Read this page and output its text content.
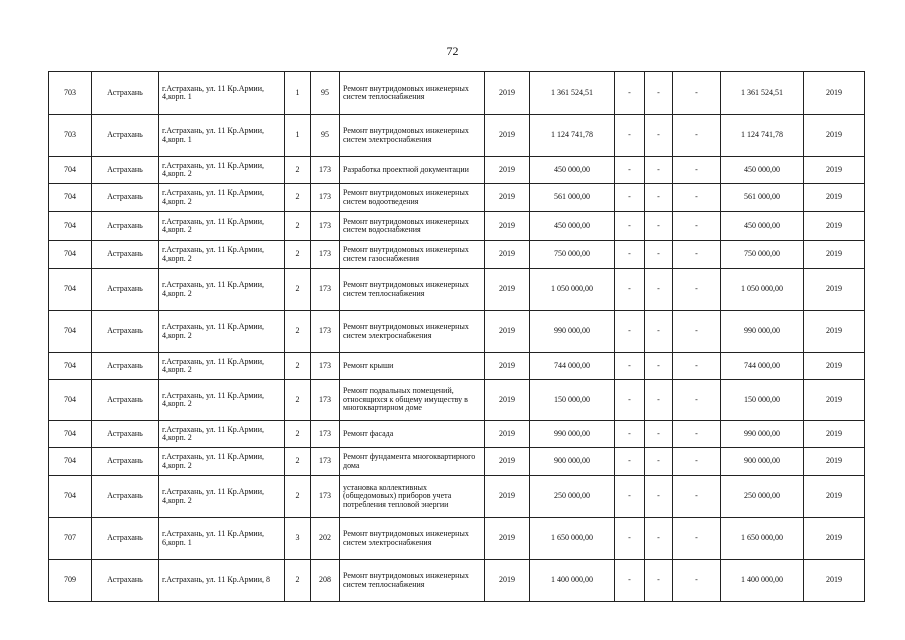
72
703	Астрахань	г.Астрахань, ул. 11 Кр.Армии, 4,корп. 1	1	95	Ремонт внутридомовых инженерных систем теплоснабжения	2019	1 361 524,51	-	-	-	1 361 524,51	2019
703	Астрахань	г.Астрахань, ул. 11 Кр.Армии, 4,корп. 1	1	95	Ремонт внутридомовых инженерных систем электроснабжения	2019	1 124 741,78	-	-	-	1 124 741,78	2019
704	Астрахань	г.Астрахань, ул. 11 Кр.Армии, 4,корп. 2	2	173	Разработка проектной документации	2019	450 000,00	-	-	-	450 000,00	2019
704	Астрахань	г.Астрахань, ул. 11 Кр.Армии, 4,корп. 2	2	173	Ремонт внутридомовых инженерных систем водоотведения	2019	561 000,00	-	-	-	561 000,00	2019
704	Астрахань	г.Астрахань, ул. 11 Кр.Армии, 4,корп. 2	2	173	Ремонт внутридомовых инженерных систем водоснабжения	2019	450 000,00	-	-	-	450 000,00	2019
704	Астрахань	г.Астрахань, ул. 11 Кр.Армии, 4,корп. 2	2	173	Ремонт внутридомовых инженерных систем газоснабжения	2019	750 000,00	-	-	-	750 000,00	2019
704	Астрахань	г.Астрахань, ул. 11 Кр.Армии, 4,корп. 2	2	173	Ремонт внутридомовых инженерных систем теплоснабжения	2019	1 050 000,00	-	-	-	1 050 000,00	2019
704	Астрахань	г.Астрахань, ул. 11 Кр.Армии, 4,корп. 2	2	173	Ремонт внутридомовых инженерных систем электроснабжения	2019	990 000,00	-	-	-	990 000,00	2019
704	Астрахань	г.Астрахань, ул. 11 Кр.Армии, 4,корп. 2	2	173	Ремонт крыши	2019	744 000,00	-	-	-	744 000,00	2019
704	Астрахань	г.Астрахань, ул. 11 Кр.Армии, 4,корп. 2	2	173	Ремонт подвальных помещений, относящихся к общему имуществу в многоквартирном доме	2019	150 000,00	-	-	-	150 000,00	2019
704	Астрахань	г.Астрахань, ул. 11 Кр.Армии, 4,корп. 2	2	173	Ремонт фасада	2019	990 000,00	-	-	-	990 000,00	2019
704	Астрахань	г.Астрахань, ул. 11 Кр.Армии, 4,корп. 2	2	173	Ремонт фундамента многоквартирного дома	2019	900 000,00	-	-	-	900 000,00	2019
704	Астрахань	г.Астрахань, ул. 11 Кр.Армии, 4,корп. 2	2	173	установка коллективных (общедомовых) приборов учета потребления тепловой энергии	2019	250 000,00	-	-	-	250 000,00	2019
707	Астрахань	г.Астрахань, ул. 11 Кр.Армии, 6,корп. 1	3	202	Ремонт внутридомовых инженерных систем электроснабжения	2019	1 650 000,00	-	-	-	1 650 000,00	2019
709	Астрахань	г.Астрахань, ул. 11 Кр.Армии, 8	2	208	Ремонт внутридомовых инженерных систем теплоснабжения	2019	1 400 000,00	-	-	-	1 400 000,00	2019
